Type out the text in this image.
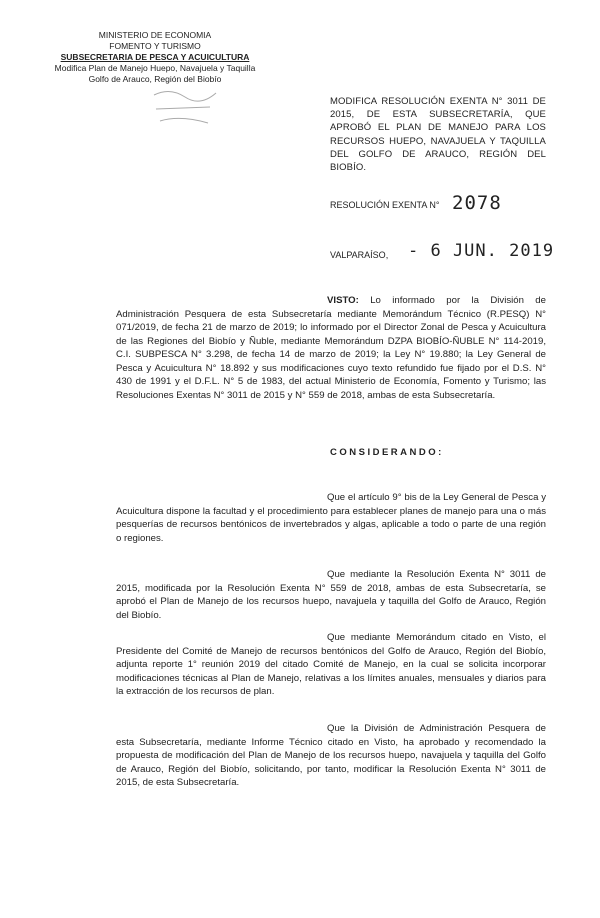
MINISTERIO DE ECONOMIA
FOMENTO Y TURISMO
SUBSECRETARIA DE PESCA Y ACUICULTURA
Modifica Plan de Manejo Huepo, Navajuela y Taquilla
Golfo de Arauco, Región del Biobío
MODIFICA RESOLUCIÓN EXENTA N° 3011 DE 2015, DE ESTA SUBSECRETARÍA, QUE APROBÓ EL PLAN DE MANEJO PARA LOS RECURSOS HUEPO, NAVAJUELA Y TAQUILLA DEL GOLFO DE ARAUCO, REGIÓN DEL BIOBÍO.
RESOLUCIÓN EXENTA N° 2078
VALPARAÍSO, - 6 JUN. 2019

VISTO: Lo informado por la División de Administración Pesquera de esta Subsecretaría mediante Memorándum Técnico (R.PESQ) N° 071/2019, de fecha 21 de marzo de 2019; lo informado por el Director Zonal de Pesca y Acuicultura de las Regiones del Biobío y Ñuble, mediante Memorándum DZPA BIOBÍO-ÑUBLE N° 114-2019, C.I. SUBPESCA N° 3.298, de fecha 14 de marzo de 2019; la Ley N° 19.880; la Ley General de Pesca y Acuicultura N° 18.892 y sus modificaciones cuyo texto refundido fue fijado por el D.S. N° 430 de 1991 y el D.F.L. N° 5 de 1983, del actual Ministerio de Economía, Fomento y Turismo; las Resoluciones Exentas N° 3011 de 2015 y N° 559 de 2018, ambas de esta Subsecretaría.

CONSIDERANDO:

Que el artículo 9° bis de la Ley General de Pesca y Acuicultura dispone la facultad y el procedimiento para establecer planes de manejo para una o más pesquerías de recursos bentónicos de invertebrados y algas, aplicable a todo o parte de una región o regiones.

Que mediante la Resolución Exenta N° 3011 de 2015, modificada por la Resolución Exenta N° 559 de 2018, ambas de esta Subsecretaría, se aprobó el Plan de Manejo de los recursos huepo, navajuela y taquilla del Golfo de Arauco, Región del Biobío.

Que mediante Memorándum citado en Visto, el Presidente del Comité de Manejo de recursos bentónicos del Golfo de Arauco, Región del Biobío, adjunta reporte 1° reunión 2019 del citado Comité de Manejo, en la cual se solicita incorporar modificaciones técnicas al Plan de Manejo, relativas a los límites anuales, mensuales y diarios para la extracción de los recursos de plan.

Que la División de Administración Pesquera de esta Subsecretaría, mediante Informe Técnico citado en Visto, ha aprobado y recomendado la propuesta de modificación del Plan de Manejo de los recursos huepo, navajuela y taquilla del Golfo de Arauco, Región del Biobío, solicitando, por tanto, modificar la Resolución Exenta N° 3011 de 2015, de esta Subsecretaría.
